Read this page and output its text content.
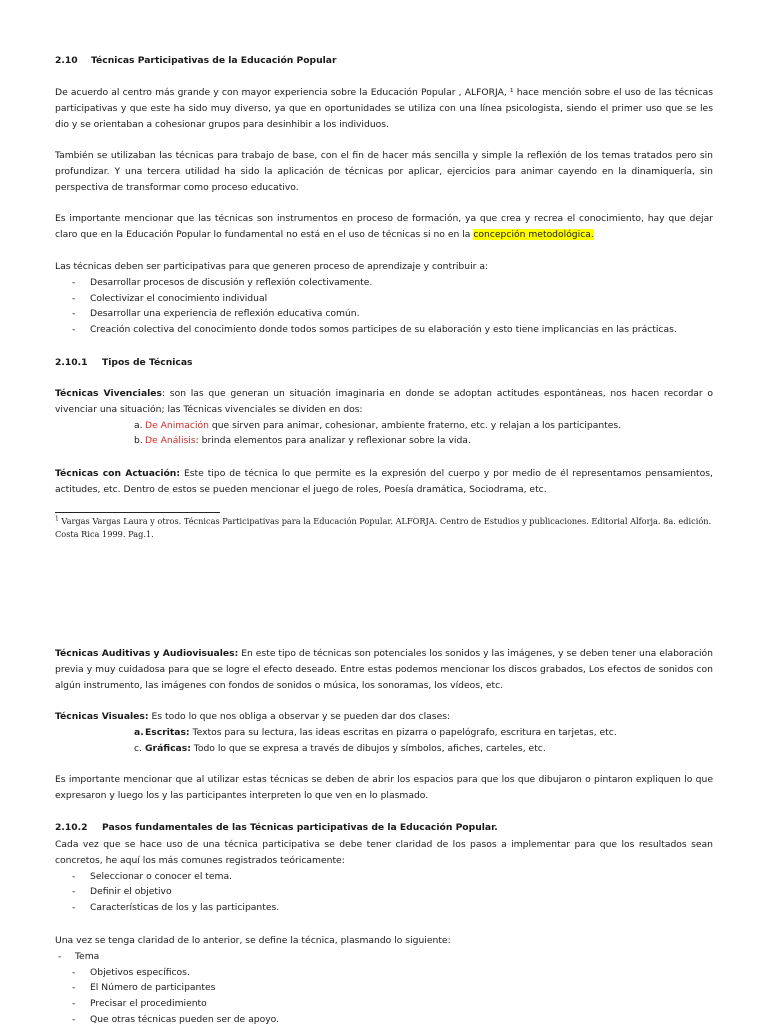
2.10 Técnicas Participativas de la Educación Popular
De acuerdo al centro más grande y con mayor experiencia sobre la Educación Popular , ALFORJA, ¹ hace mención sobre el uso de las técnicas participativas y que este ha sido muy diverso, ya que en oportunidades se utiliza con una línea psicologista, siendo el primer uso que se les dio y se orientaban a cohesionar grupos para desinhibir a los individuos.
También se utilizaban las técnicas para trabajo de base, con el fin de hacer más sencilla y simple la reflexión de los temas tratados pero sin profundizar. Y una tercera utilidad ha sido la aplicación de técnicas por aplicar, ejercicios para animar cayendo en la dinamiquería, sin perspectiva de transformar como proceso educativo.
Es importante mencionar que las técnicas son instrumentos en proceso de formación, ya que crea y recrea el conocimiento, hay que dejar claro que en la Educación Popular lo fundamental no está en el uso de técnicas si no en la concepción metodológica.
Las técnicas deben ser participativas para que generen proceso de aprendizaje y contribuir a:
- Desarrollar procesos de discusión y reflexión colectivamente.
- Colectivizar el conocimiento individual
- Desarrollar una experiencia de reflexión educativa común.
- Creación colectiva del conocimiento donde todos somos participes de su elaboración y esto tiene implicancias en las prácticas.
2.10.1 Tipos de Técnicas
Técnicas Vivenciales: son las que generan un situación imaginaria en donde se adoptan actitudes espontáneas, nos hacen recordar o vivenciar una situación; las Técnicas vivenciales se dividen en dos:
a. De Animación que sirven para animar, cohesionar, ambiente fraterno, etc. y relajan a los participantes.
b. De Análisis: brinda elementos para analizar y reflexionar sobre la vida.
Técnicas con Actuación: Este tipo de técnica lo que permite es la expresión del cuerpo y por medio de él representamos pensamientos, actitudes, etc. Dentro de estos se pueden mencionar el juego de roles, Poesía dramática, Sociodrama, etc.
$^1$ Vargas Vargas Laura y otros. Técnicas Participativas para la Educación Popular. ALFORJA. Centro de Estudios y publicaciones. Editorial Alforja. 8a. edición. Costa Rica 1999. Pag.1.
Técnicas Auditivas y Audiovisuales: En este tipo de técnicas son potenciales los sonidos y las imágenes, y se deben tener una elaboración previa y muy cuidadosa para que se logre el efecto deseado. Entre estas podemos mencionar los discos grabados, Los efectos de sonidos con algún instrumento, las imágenes con fondos de sonidos o música, los sonoramas, los vídeos, etc.
Técnicas Visuales: Es todo lo que nos obliga a observar y se pueden dar dos clases:
a. Escritas: Textos para su lectura, las ideas escritas en pizarra o papelógrafo, escritura en tarjetas, etc.
c. Gráficas: Todo lo que se expresa a través de dibujos y símbolos, afiches, carteles, etc.
Es importante mencionar que al utilizar estas técnicas se deben de abrir los espacios para que los que dibujaron o pintaron expliquen lo que expresaron y luego los y las participantes interpreten lo que ven en lo plasmado.
2.10.2 Pasos fundamentales de las Técnicas participativas de la Educación Popular.
Cada vez que se hace uso de una técnica participativa se debe tener claridad de los pasos a implementar para que los resultados sean concretos, he aquí los más comunes registrados teóricamente:
- Seleccionar o conocer el tema.
- Definir el objetivo
- Características de los y las participantes.
Una vez se tenga claridad de lo anterior, se define la técnica, plasmando lo siguiente:
- Tema
- Objetivos específicos.
- El Número de participantes
- Precisar el procedimiento
- Que otras técnicas pueden ser de apoyo.
